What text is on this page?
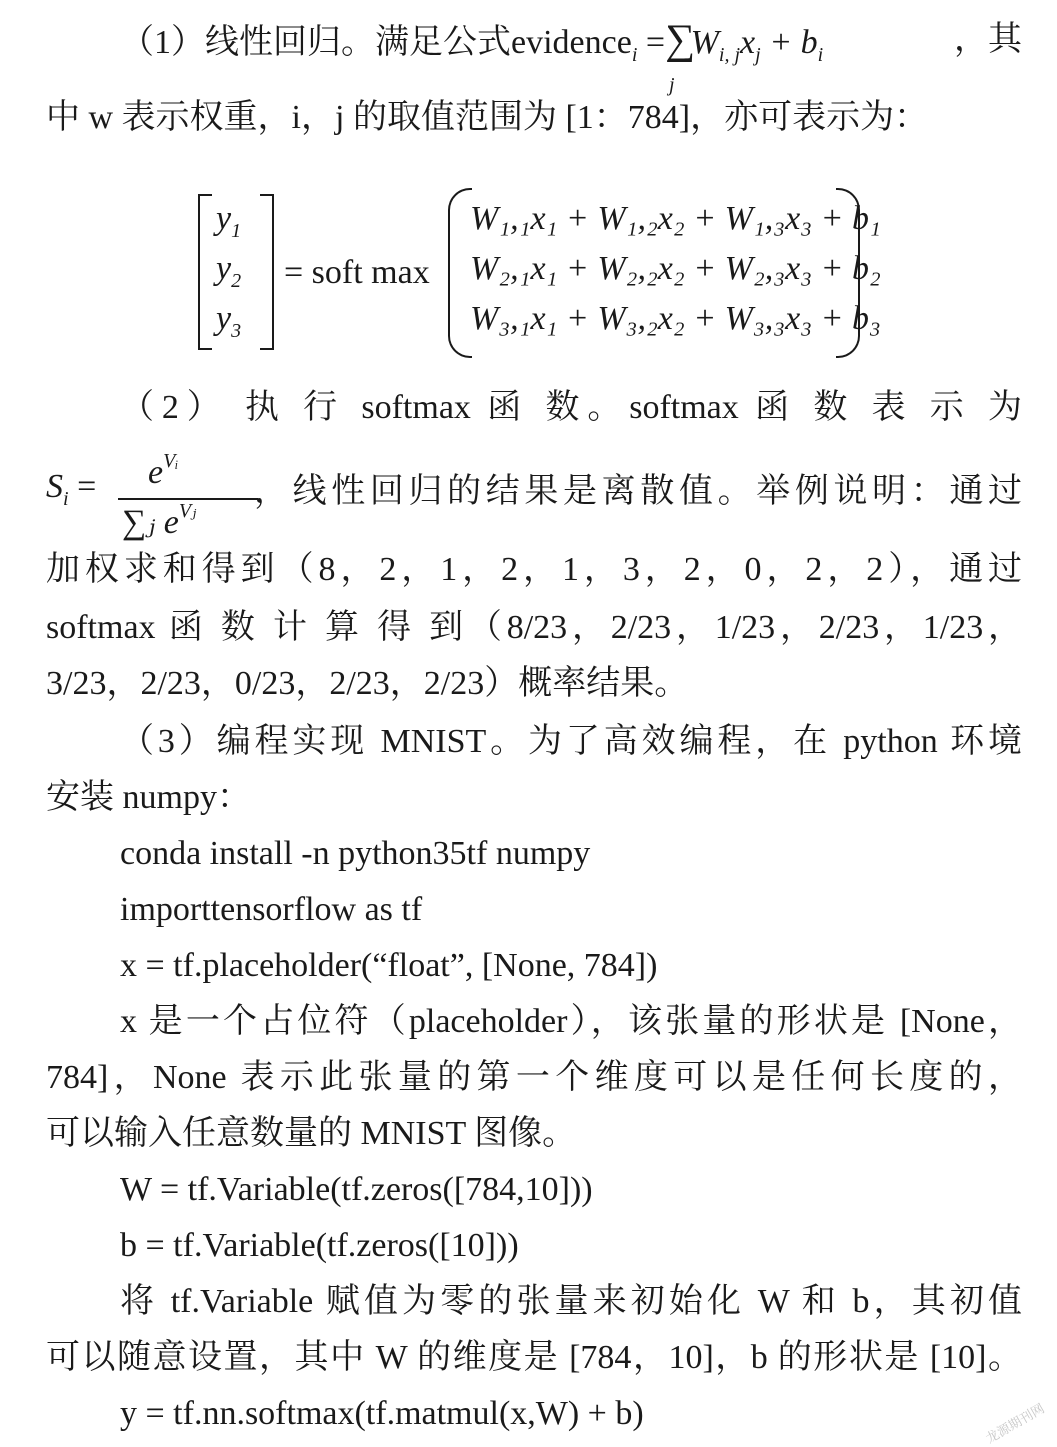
（1）线性回归。满足公式evidence$_i$ $=\sum_jW_{i, j}x_j + b_i$	，其
中 w 表示权重，i，j 的取值范围为 [1：784]，亦可表示为：
$y_1$
$y_2$
$y_3$
= soft max
W₁,₁x₁ + W₁,₂x₂ + W₁,₃x₃ + b₁
W₂,₁x₁ + W₂,₂x₂ + W₂,₃x₃ + b₂
W₃,₁x₁ + W₃,₂x₂ + W₃,₃x₃ + b₃
（2） 执 行 softmax 函 数。softmax 函 数 表 示 为
$S_i = e^{Vᵢ}$
∑ⱼ $e^{Vⱼ}$
，线性回归的结果是离散值。举例说明：通过
加权求和得到（8，2，1，2，1，3，2，0，2，2），通过
softmax 函 数 计 算 得 到（8/23，2/23，1/23，2/23，1/23，
3/23，2/23，0/23，2/23，2/23）概率结果。
（3）编程实现 MNIST。为了高效编程，在 python 环境
安装 numpy：
conda install -n python35tf numpy
importtensorflow as tf
x = tf.placeholder(“float”, [None, 784])
x 是一个占位符（placeholder），该张量的形状是 [None，
784]，None 表示此张量的第一个维度可以是任何长度的，
可以输入任意数量的 MNIST 图像。
W = tf.Variable(tf.zeros([784,10]))
b = tf.Variable(tf.zeros([10]))
将 tf.Variable 赋值为零的张量来初始化 W 和 b，其初值
可以随意设置，其中 W 的维度是 [784，10]，b 的形状是 [10]。
y = tf.nn.softmax(tf.matmul(x,W) + b)	龙源期刊网
